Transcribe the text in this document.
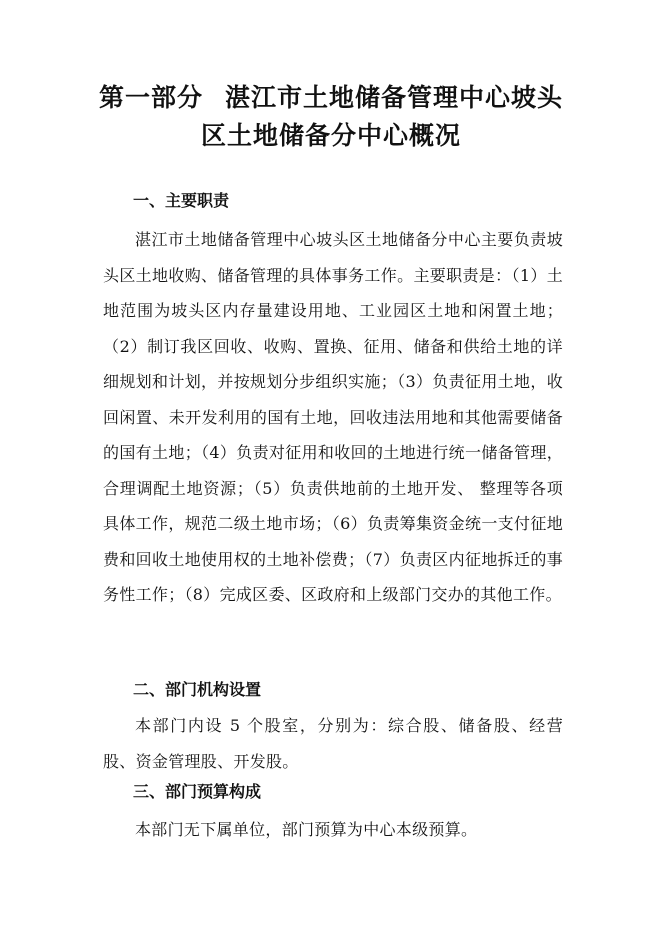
第一部分 湛江市土地储备管理中心坡头
区土地储备分中心概况
一、主要职责

湛江市土地储备管理中心坡头区土地储备分中心主要负责坡头区土地收购、储备管理的具体事务工作。主要职责是：（1）土地范围为坡头区内存量建设用地、工业园区土地和闲置土地；（2）制订我区回收、收购、置换、征用、储备和供给土地的详细规划和计划，并按规划分步组织实施；（3）负责征用土地，收回闲置、未开发利用的国有土地，回收违法用地和其他需要储备的国有土地；（4）负责对征用和收回的土地进行统一储备管理，合理调配土地资源；（5）负责供地前的土地开发、 整理等各项具体工作，规范二级土地市场；（6）负责筹集资金统一支付征地费和回收土地使用权的土地补偿费；（7）负责区内征地拆迁的事务性工作；（8）完成区委、区政府和上级部门交办的其他工作。

二、部门机构设置

本部门内设 5 个股室，分别为：综合股、储备股、经营股、资金管理股、开发股。

三、部门预算构成

本部门无下属单位，部门预算为中心本级预算。
